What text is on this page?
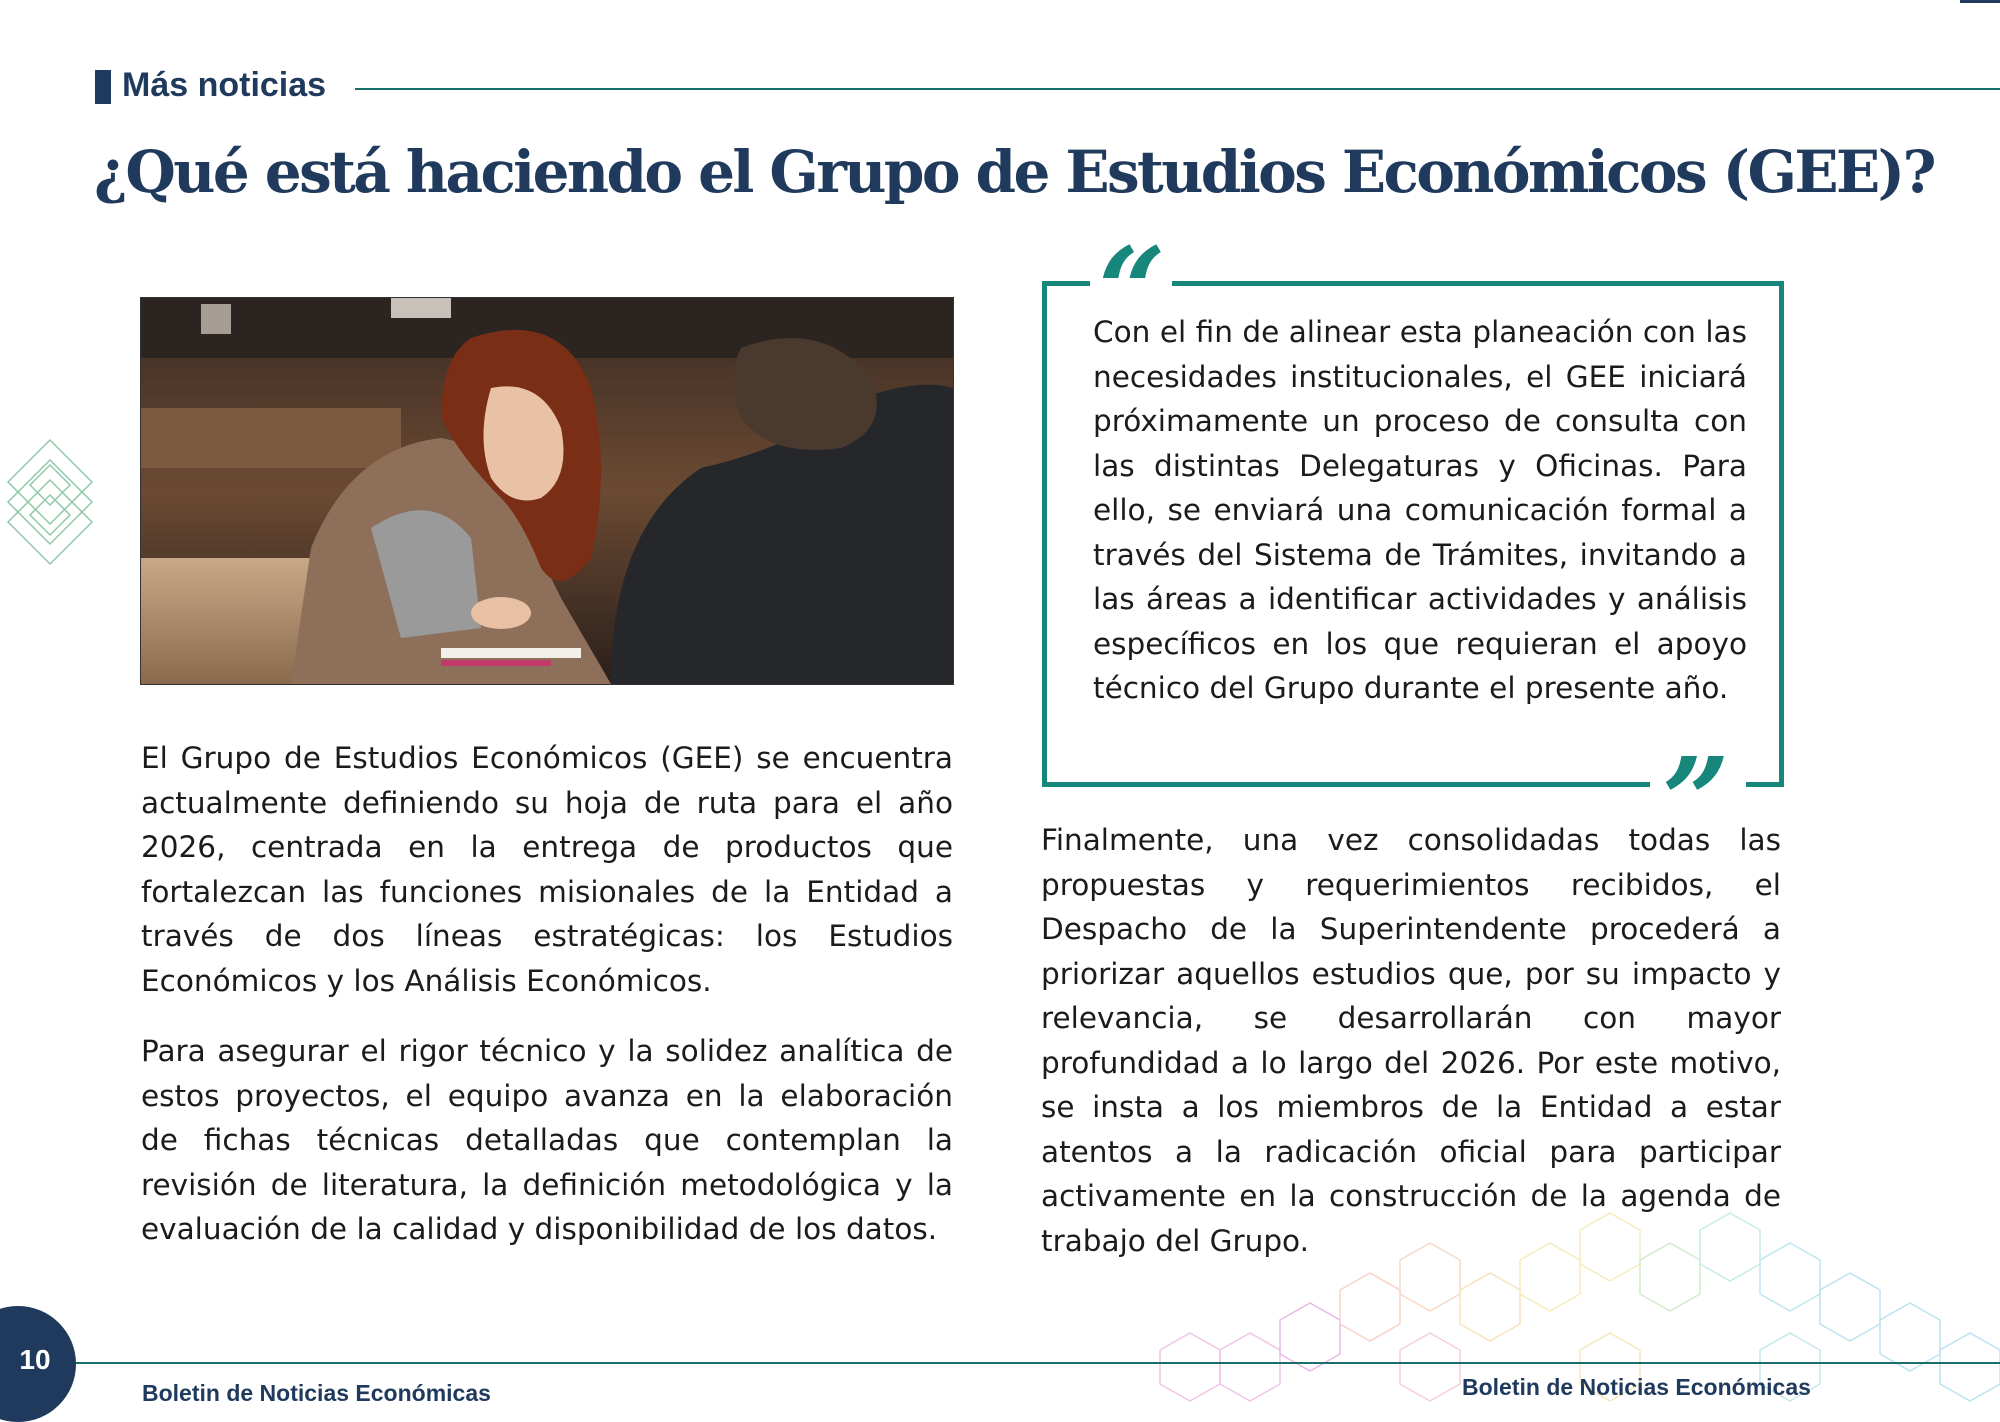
Más noticias
¿Qué está haciendo el Grupo de Estudios Económicos (GEE)?

El Grupo de Estudios Económicos (GEE) se encuentra actualmente definiendo su hoja de ruta para el año 2026, centrada en la entrega de productos que fortalezcan las funciones misionales de la Entidad a través de dos líneas estratégicas: los Estudios Económicos y los Análisis Económicos.

Para asegurar el rigor técnico y la solidez analítica de estos proyectos, el equipo avanza en la elaboración de fichas técnicas detalladas que contemplan la revisión de literatura, la definición metodológica y la evaluación de la calidad y disponibilidad de los datos.

“
”

Con el fin de alinear esta planeación con las necesidades institucionales, el GEE iniciará próximamente un proceso de consulta con las distintas Delegaturas y Oficinas. Para ello, se enviará una comunicación formal a través del Sistema de Trámites, invitando a las áreas a identificar actividades y análisis específicos en los que requieran el apoyo técnico del Grupo durante el presente año.

Finalmente, una vez consolidadas todas las propuestas y requerimientos recibidos, el Despacho de la Superintendente procederá a priorizar aquellos estudios que, por su impacto y relevancia, se desarrollarán con mayor profundidad a lo largo del 2026. Por este motivo, se insta a los miembros de la Entidad a estar atentos a la radicación oficial para participar activamente en la construcción de la agenda de trabajo del Grupo.

10
Boletin de Noticias Económicas	Boletin de Noticias Económicas
